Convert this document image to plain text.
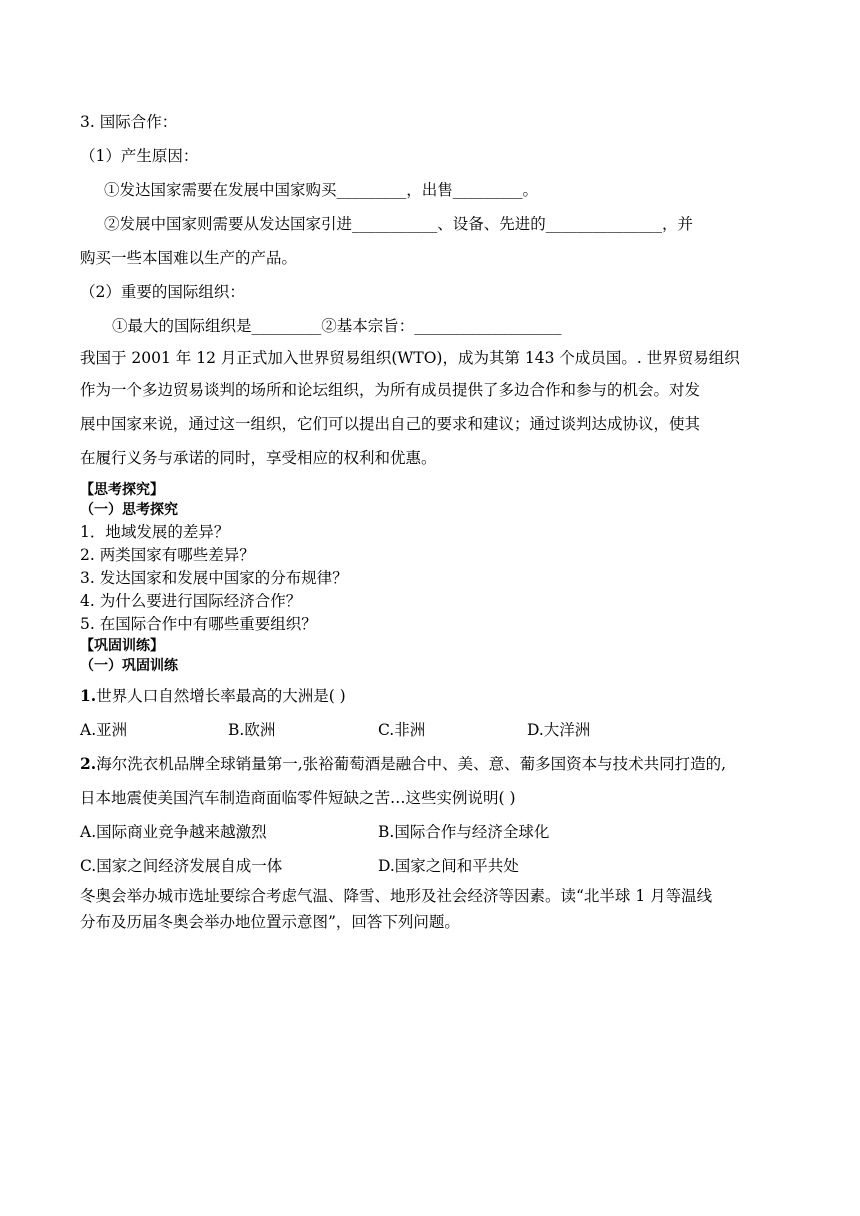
3. 国际合作：
（1）产生原因：
①发达国家需要在发展中国家购买_________，出售_________。
②发展中国家则需要从发达国家引进___________、设备、先进的_______________，并
购买一些本国难以生产的产品。
（2）重要的国际组织：
①最大的国际组织是_________②基本宗旨：___________________
我国于 2001 年 12 月正式加入世界贸易组织(WTO)，成为其第 143 个成员国。. 世界贸易组织
作为一个多边贸易谈判的场所和论坛组织，为所有成员提供了多边合作和参与的机会。对发
展中国家来说，通过这一组织，它们可以提出自己的要求和建议；通过谈判达成协议，使其
在履行义务与承诺的同时，享受相应的权利和优惠。
【思考探究】
（一）思考探究
1．地域发展的差异？
2. 两类国家有哪些差异？
3. 发达国家和发展中国家的分布规律？
4. 为什么要进行国际经济合作？
5. 在国际合作中有哪些重要组织？
【巩固训练】
（一）巩固训练
1.世界人口自然增长率最高的大洲是( )
A.亚洲	B.欧洲	C.非洲	D.大洋洲
2.海尔洗衣机品牌全球销量第一,张裕葡萄酒是融合中、美、意、葡多国资本与技术共同打造的,
日本地震使美国汽车制造商面临零件短缺之苦…这些实例说明( )
A.国际商业竞争越来越激烈	B.国际合作与经济全球化
C.国家之间经济发展自成一体	D.国家之间和平共处
冬奥会举办城市选址要综合考虑气温、降雪、地形及社会经济等因素。读“北半球 1 月等温线
分布及历届冬奥会举办地位置示意图”，回答下列问题。
